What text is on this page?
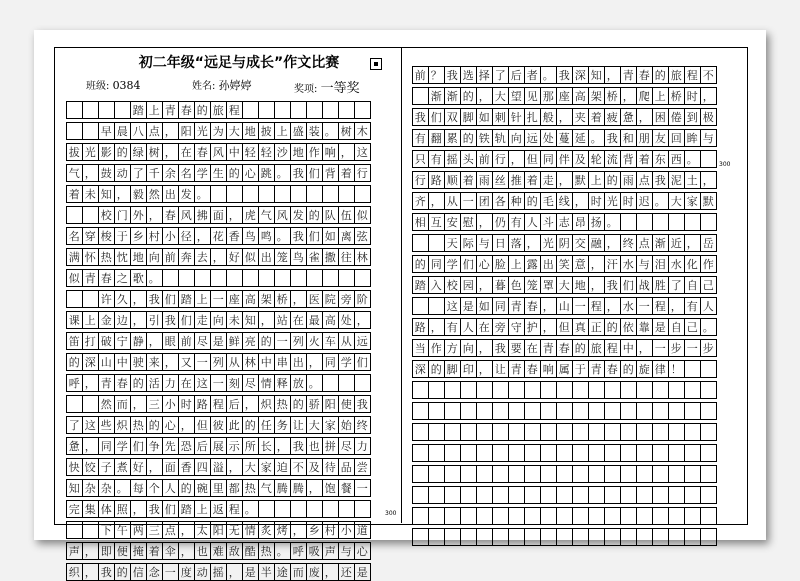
初二年级“远足与成长”作文比赛
班级: 0384	姓名: 孙婷婷	奖项: 一等奖
踏 上 青 春 的 旅 程
早 晨 八 点 ， 阳 光 为 大 地 披 上 盛 装 。 树 木
拔 光 影 的 绿 树 ， 在 春 风 中 轻 轻 沙 地 作 响 ， 这
气 ， 鼓 动 了 千 余 名 学 生 的 心 跳 。 我 们 背 着 行
着 未 知 ， 毅 然 出 发 。
校 门 外 ， 春 风 拂 面 ， 虎 气 风 发 的 队 伍 似
名 穿 梭 于 乡 村 小 径 ， 花 香 鸟 鸣 。 我 们 如 离 弦
满 怀 热 忱 地 向 前 奔 去 ， 好 似 出 笼 鸟 雀 撒 往 林
似 青 春 之 歌 。
许 久 ， 我 们 踏 上 一 座 高 架 桥 ， 医 院 旁 阶
课 上 金 边 ， 引 我 们 走 向 未 知 ， 站 在 最 高 处 ，
笛 打 破 宁 静 ， 眼 前 尽 是 鲜 亮 的 一 列 火 车 从 远
的 深 山 中 驶 来 ， 又 一 列 从 林 中 串 出 ， 同 学 们
呼 ， 青 春 的 活 力 在 这 一 刻 尽 情 释 放 。
然 而 ， 三 小 时 路 程 后 ， 炽 热 的 骄 阳 使 我
了 这 些 炽 热 的 心 ， 但 彼 此 的 任 务 让 大 家 始 终
惫 ， 同 学 们 争 先 恐 后 展 示 所 长 ， 我 也 拼 尽 力
快 饺 子 煮 好 ， 面 香 四 溢 ， 大 家 迫 不 及 待 品 尝
知 杂 杂 。 每 个 人 的 碗 里 都 热 气 腾 腾 ， 饱 餐 一
完 集 体 照 ， 我 们 踏 上 返 程 。
下 午 两 三 点 ， 太 阳 无 情 炙 烤 ， 乡 村 小 道
声 ， 即 便 掩 着 伞 ， 也 难 敌 酷 热 。 呼 吸 声 与 心
织 ， 我 的 信 念 一 度 动 摇 ， 是 半 途 而 废 ， 还 是
前 ？ 我 选 择 了 后 者 。 我 深 知 ， 青 春 的 旅 程 不
渐 渐 的 ， 大 望 见 那 座 高 架 桥 ， 爬 上 桥 时 ，
我 们 双 脚 如 刺 针 扎 般 ， 夹 着 疲 惫 ， 困 倦 到 极
有 翻 累 的 铁 轨 向 远 处 蔓 延 。 我 和 朋 友 回 眸 与
只 有 摇 头 前 行 ， 但 同 伴 及 轮 流 背 着 东 西 。
行 路 顺 着 雨 丝 推 着 走 ， 默 上 的 雨 点 我 泥 土 ，
齐 ， 从 一 团 各 种 的 毛 线 ， 时 光 时 迟 。 大 家 默
相 互 安 慰 ， 仍 有 人 斗 志 昂 扬 。
天 际 与 日 落 ， 光 阴 交 融 ， 终 点 渐 近 ， 岳
的 同 学 们 心 脸 上 露 出 笑 意 ， 汗 水 与 泪 水 化 作
踏 入 校 园 ， 暮 色 笼 罩 大 地 ， 我 们 战 胜 了 自 己
这 是 如 同 青 春 ， 山 一 程 ， 水 一 程 ， 有 人
路 ， 有 人 在 旁 守 护 ， 但 真 正 的 依 靠 是 自 己 。
当 作 方 向 ， 我 要 在 青 春 的 旅 程 中 ， 一 步 一 步
深 的 脚 印 ， 让 青 春 响 属 于 青 春 的 旋 律 ！
300
300
